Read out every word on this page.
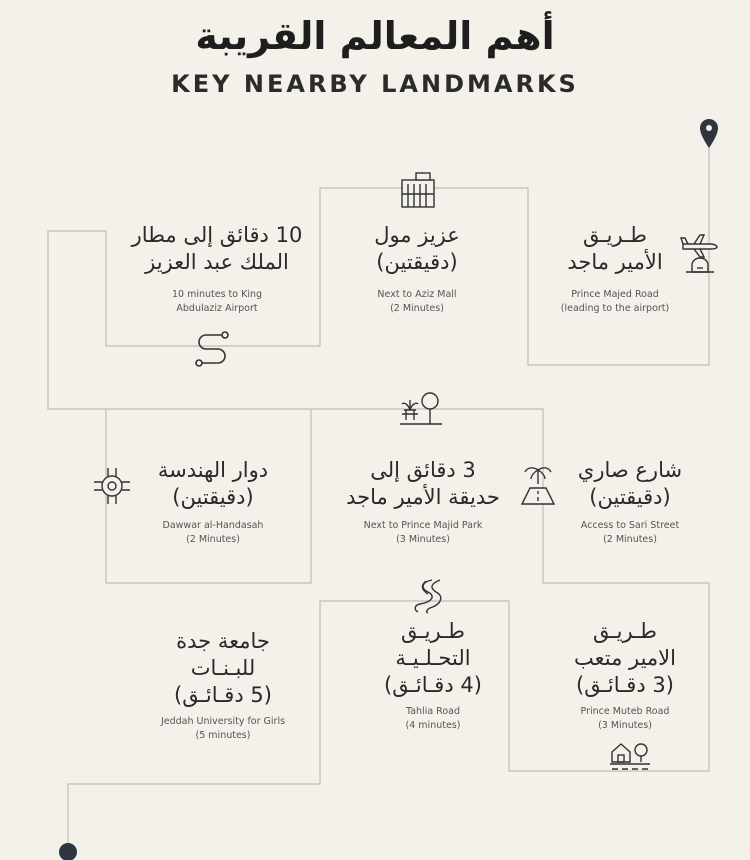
أهم المعالم القريبة
KEY NEARBY LANDMARKS
طـريـق
الأمير ماجد
Prince Majed Road
(leading to the airport)
عزيز مول
(دقيقتين)
Next to Aziz Mall
(2 Minutes)
10 دقائق إلى مطار
الملك عبد العزيز
10 minutes to King
Abdulaziz Airport
شارع صاري
(دقيقتين)
Access to Sari Street
(2 Minutes)
3 دقائق إلى
حديقة الأمير ماجد
Next to Prince Majid Park
(3 Minutes)
دوار الهندسة
(دقيقتين)
Dawwar al-Handasah
(2 Minutes)
طـريـق
الامير متعب
(3 دقـائـق)
Prince Muteb Road
(3 Minutes)
طـريـق
التحـلـيـة
(4 دقـائـق)
Tahlia Road
(4 minutes)
جامعة جدة
للبـنـات
(5 دقـائـق)
Jeddah University for Girls
(5 minutes)
